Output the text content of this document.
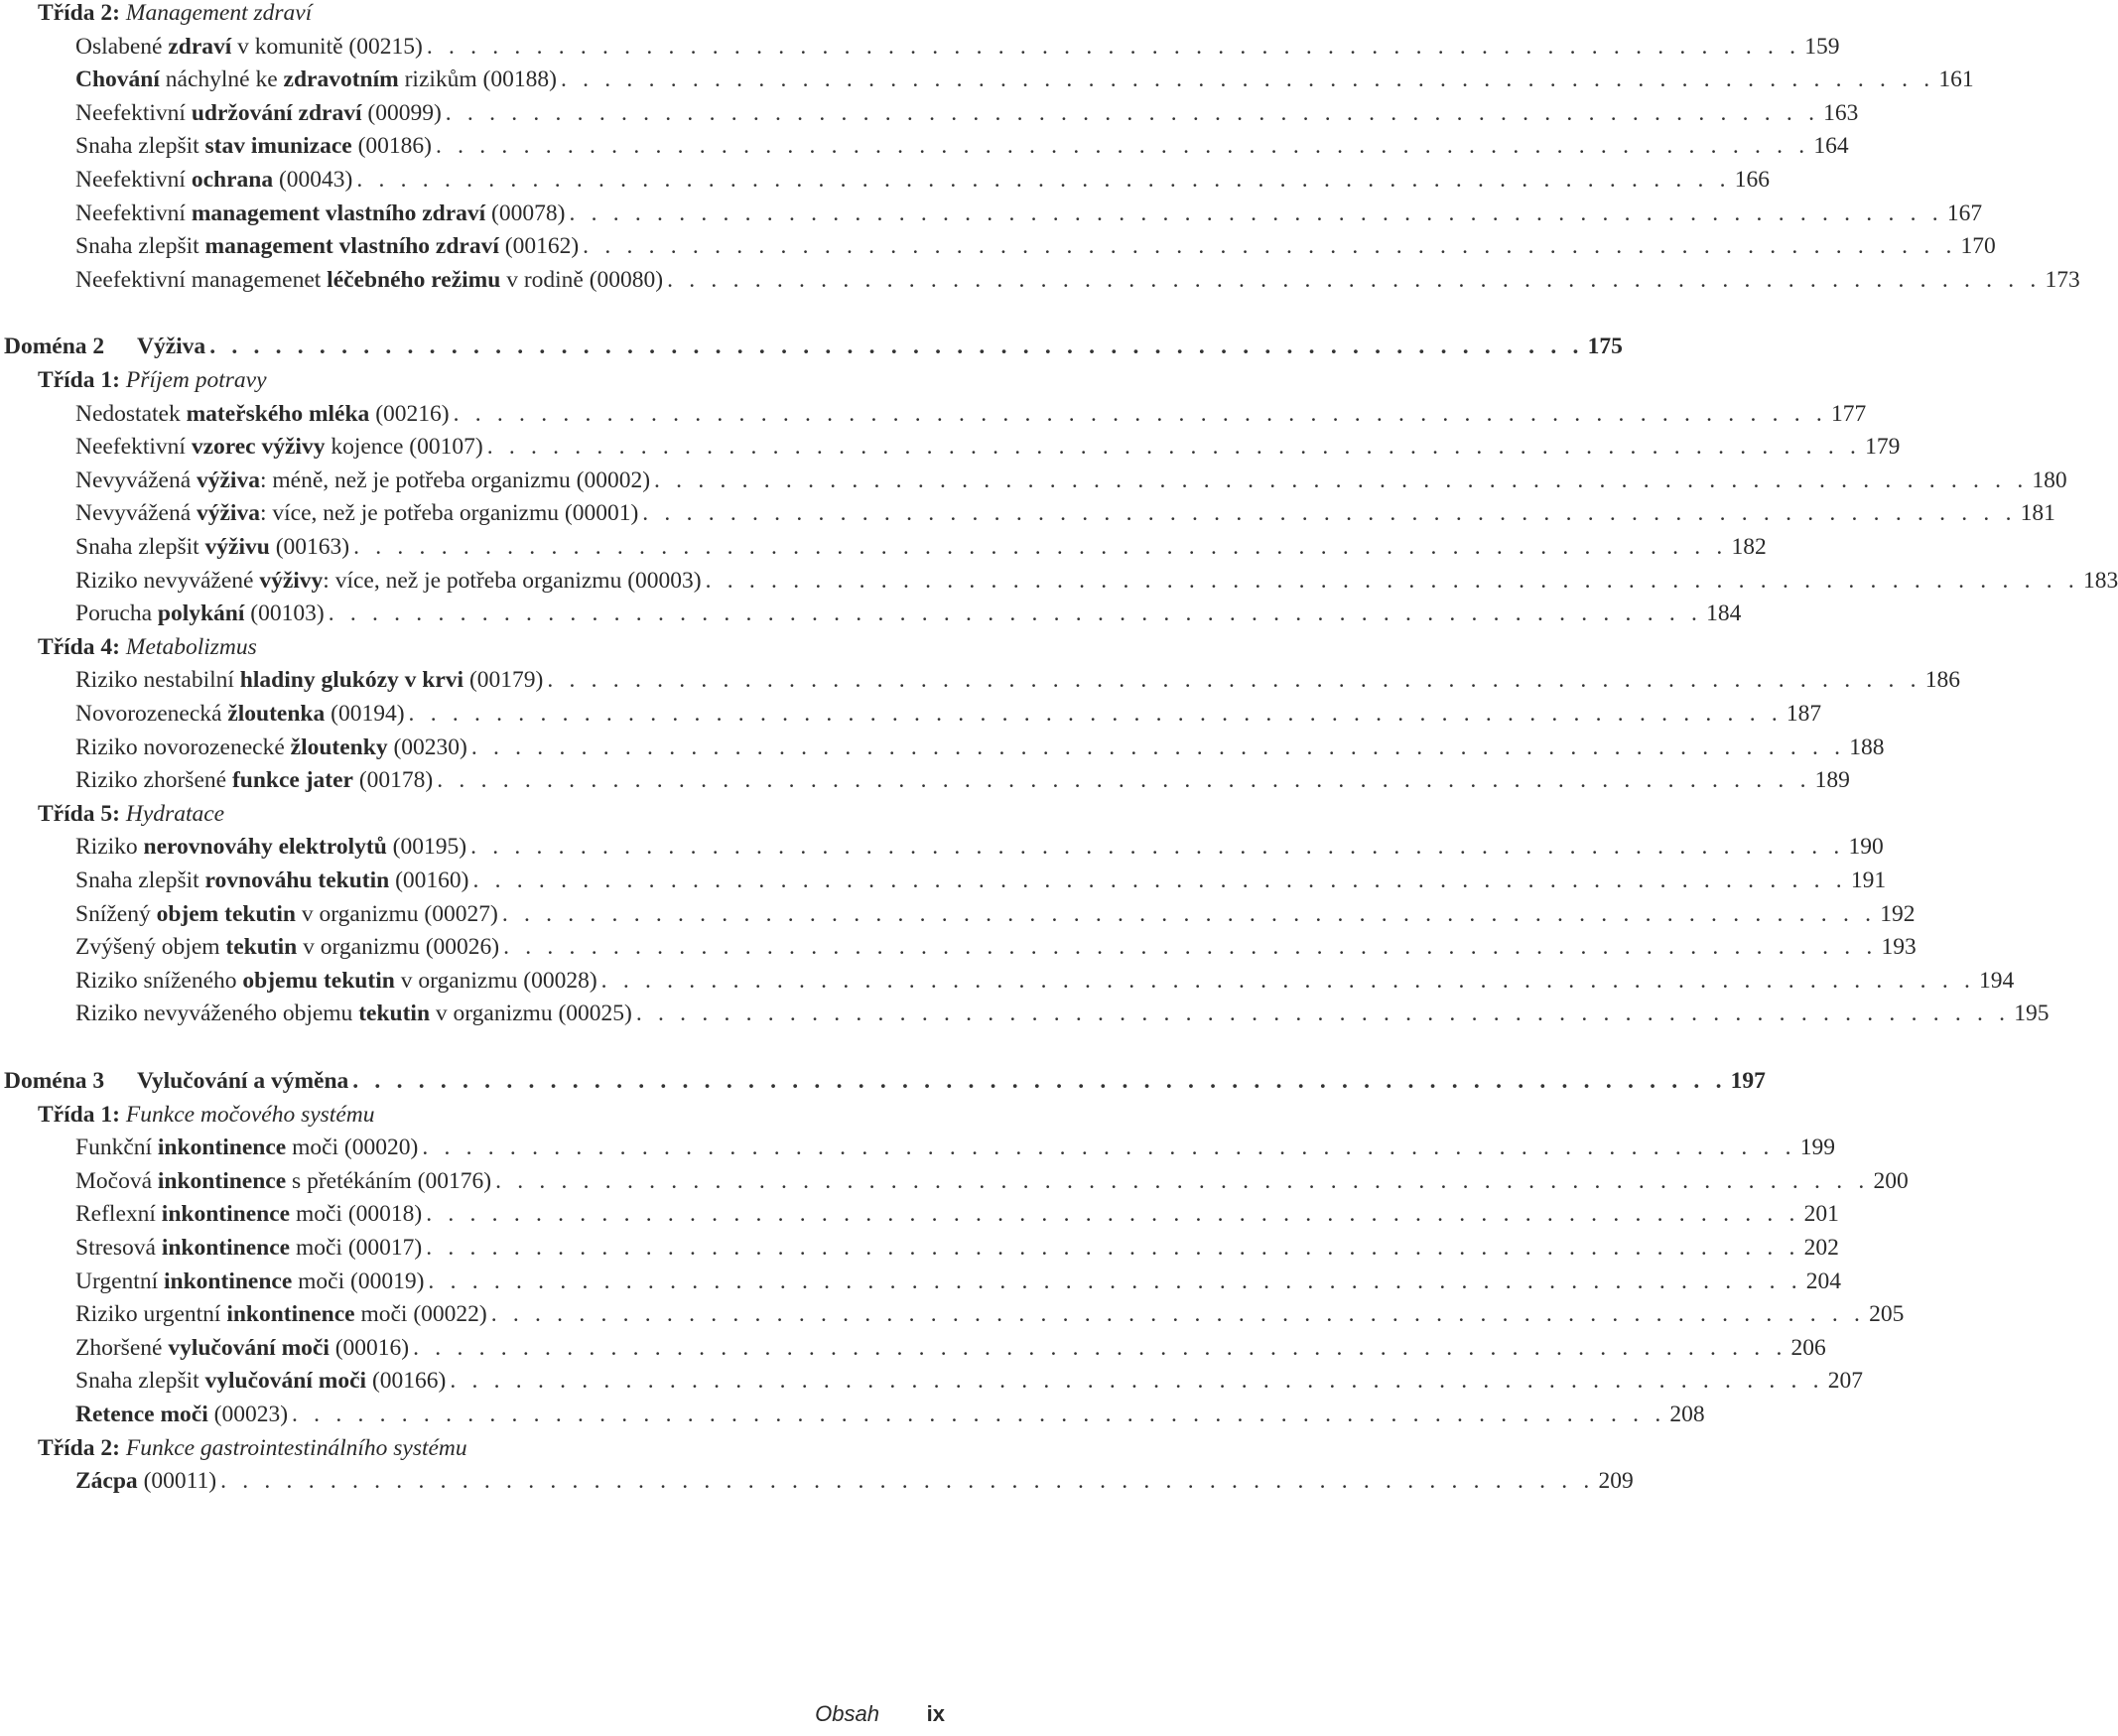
Třída 2: Management zdraví
Oslabené zdraví v komunitě (00215) . . . . . . . . . . . . . . . . . . . . . . . . . . . . . . . . . . . . . . . . . . . . . . . . . . . . . . . . . . . . . . . 159
Chování náchylné ke zdravotním rizikům (00188) . . . . . . . . . . . . . . . . . . . . . . . . . . . . . . . . . . . . . . . . . . . . . . . . . . . . . . . . . . . . . . . 161
Neefektivní udržování zdraví (00099) . . . . . . . . . . . . . . . . . . . . . . . . . . . . . . . . . . . . . . . . . . . . . . . . . . . . . . . . . . . . . . . 163
Snaha zlepšit stav imunizace (00186) . . . . . . . . . . . . . . . . . . . . . . . . . . . . . . . . . . . . . . . . . . . . . . . . . . . . . . . . . . . . . . . 164
Neefektivní ochrana (00043) . . . . . . . . . . . . . . . . . . . . . . . . . . . . . . . . . . . . . . . . . . . . . . . . . . . . . . . . . . . . . . . 166
Neefektivní management vlastního zdraví (00078) . . . . . . . . . . . . . . . . . . . . . . . . . . . . . . . . . . . . . . . . . . . . . . . . . . . . . . . . . . . . . . . 167
Snaha zlepšit management vlastního zdraví (00162) . . . . . . . . . . . . . . . . . . . . . . . . . . . . . . . . . . . . . . . . . . . . . . . . . . . . . . . . . . . . . . . 170
Neefektivní managemenet léčebného režimu v rodině (00080) . . . . . . . . . . . . . . . . . . . . . . . . . . . . . . . . . . . . . . . . . . . . . . . . . . . . . . . . . . . . . . . 173
Doména 2 Výživa . . . . . . . . . . . . . . . . . . . . . . . . . . . . . . . . . . . . . . . . . . . . . . . . . . . . . . . . . . . . . . . 175
Třída 1: Příjem potravy
Nedostatek mateřského mléka (00216) . . . . . . . . . . . . . . . . . . . . . . . . . . . . . . . . . . . . . . . . . . . . . . . . . . . . . . . . . . . . . . . 177
Neefektivní vzorec výživy kojence (00107) . . . . . . . . . . . . . . . . . . . . . . . . . . . . . . . . . . . . . . . . . . . . . . . . . . . . . . . . . . . . . . . 179
Nevyvážená výživa: méně, než je potřeba organizmu (00002) . . . . . . . . . . . . . . . . . . . . . . . . . . . . . . . . . . . . . . . . . . . . . . . . . . . . . . . . . . . . . . . 180
Nevyvážená výživa: více, než je potřeba organizmu (00001) . . . . . . . . . . . . . . . . . . . . . . . . . . . . . . . . . . . . . . . . . . . . . . . . . . . . . . . . . . . . . . . 181
Snaha zlepšit výživu (00163) . . . . . . . . . . . . . . . . . . . . . . . . . . . . . . . . . . . . . . . . . . . . . . . . . . . . . . . . . . . . . . . 182
Riziko nevyvážené výživy: více, než je potřeba organizmu (00003) . . . . . . . . . . . . . . . . . . . . . . . . . . . . . . . . . . . . . . . . . . . . . . . . . . . . . . . . . . . . . . . 183
Porucha polykání (00103) . . . . . . . . . . . . . . . . . . . . . . . . . . . . . . . . . . . . . . . . . . . . . . . . . . . . . . . . . . . . . . . 184
Třída 4: Metabolizmus
Riziko nestabilní hladiny glukózy v krvi (00179) . . . . . . . . . . . . . . . . . . . . . . . . . . . . . . . . . . . . . . . . . . . . . . . . . . . . . . . . . . . . . . . 186
Novorozenecká žloutenka (00194) . . . . . . . . . . . . . . . . . . . . . . . . . . . . . . . . . . . . . . . . . . . . . . . . . . . . . . . . . . . . . . . 187
Riziko novorozenecké žloutenky (00230) . . . . . . . . . . . . . . . . . . . . . . . . . . . . . . . . . . . . . . . . . . . . . . . . . . . . . . . . . . . . . . . 188
Riziko zhoršené funkce jater (00178) . . . . . . . . . . . . . . . . . . . . . . . . . . . . . . . . . . . . . . . . . . . . . . . . . . . . . . . . . . . . . . . 189
Třída 5: Hydratace
Riziko nerovnováhy elektrolytů (00195) . . . . . . . . . . . . . . . . . . . . . . . . . . . . . . . . . . . . . . . . . . . . . . . . . . . . . . . . . . . . . . . 190
Snaha zlepšit rovnováhu tekutin (00160) . . . . . . . . . . . . . . . . . . . . . . . . . . . . . . . . . . . . . . . . . . . . . . . . . . . . . . . . . . . . . . . 191
Snížený objem tekutin v organizmu (00027) . . . . . . . . . . . . . . . . . . . . . . . . . . . . . . . . . . . . . . . . . . . . . . . . . . . . . . . . . . . . . . . 192
Zvýšený objem tekutin v organizmu (00026) . . . . . . . . . . . . . . . . . . . . . . . . . . . . . . . . . . . . . . . . . . . . . . . . . . . . . . . . . . . . . . . 193
Riziko sníženého objemu tekutin v organizmu (00028) . . . . . . . . . . . . . . . . . . . . . . . . . . . . . . . . . . . . . . . . . . . . . . . . . . . . . . . . . . . . . . . 194
Riziko nevyváženého objemu tekutin v organizmu (00025) . . . . . . . . . . . . . . . . . . . . . . . . . . . . . . . . . . . . . . . . . . . . . . . . . . . . . . . . . . . . . . . 195
Doména 3 Vylučování a výměna . . . . . . . . . . . . . . . . . . . . . . . . . . . . . . . . . . . . . . . . . . . . . . . . . . . . . . . . . . . . . . . 197
Třída 1: Funkce močového systému
Funkční inkontinence moči (00020) . . . . . . . . . . . . . . . . . . . . . . . . . . . . . . . . . . . . . . . . . . . . . . . . . . . . . . . . . . . . . . . 199
Močová inkontinence s přetékáním (00176) . . . . . . . . . . . . . . . . . . . . . . . . . . . . . . . . . . . . . . . . . . . . . . . . . . . . . . . . . . . . . . . 200
Reflexní inkontinence moči (00018) . . . . . . . . . . . . . . . . . . . . . . . . . . . . . . . . . . . . . . . . . . . . . . . . . . . . . . . . . . . . . . . 201
Stresová inkontinence moči (00017) . . . . . . . . . . . . . . . . . . . . . . . . . . . . . . . . . . . . . . . . . . . . . . . . . . . . . . . . . . . . . . . 202
Urgentní inkontinence moči (00019) . . . . . . . . . . . . . . . . . . . . . . . . . . . . . . . . . . . . . . . . . . . . . . . . . . . . . . . . . . . . . . . 204
Riziko urgentní inkontinence moči (00022) . . . . . . . . . . . . . . . . . . . . . . . . . . . . . . . . . . . . . . . . . . . . . . . . . . . . . . . . . . . . . . . 205
Zhoršené vylučování moči (00016) . . . . . . . . . . . . . . . . . . . . . . . . . . . . . . . . . . . . . . . . . . . . . . . . . . . . . . . . . . . . . . . 206
Snaha zlepšit vylučování moči (00166) . . . . . . . . . . . . . . . . . . . . . . . . . . . . . . . . . . . . . . . . . . . . . . . . . . . . . . . . . . . . . . . 207
Retence moči (00023) . . . . . . . . . . . . . . . . . . . . . . . . . . . . . . . . . . . . . . . . . . . . . . . . . . . . . . . . . . . . . . . 208
Třída 2: Funkce gastrointestinálního systému
Zácpa (00011) . . . . . . . . . . . . . . . . . . . . . . . . . . . . . . . . . . . . . . . . . . . . . . . . . . . . . . . . . . . . . . . 209
Obsah ix
